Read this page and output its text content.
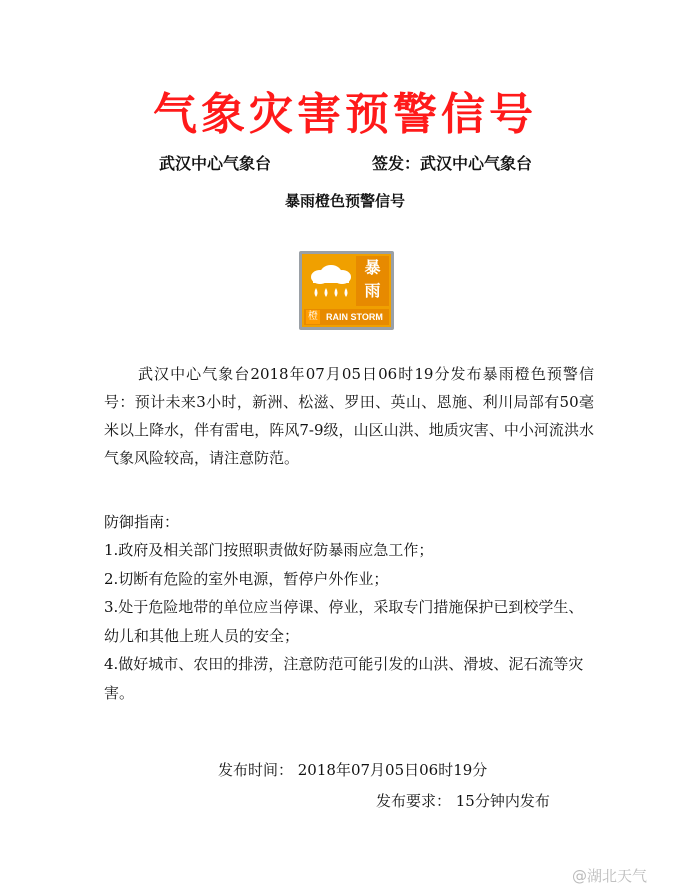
气象灾害预警信号
武汉中心气象台	签发：武汉中心气象台
暴雨橙色预警信号
暴
雨
橙 RAIN STORM
武汉中心气象台2018年07月05日06时19分发布暴雨橙色预警信号：预计未来3小时，新洲、松滋、罗田、英山、恩施、利川局部有50毫米以上降水，伴有雷电，阵风7-9级，山区山洪、地质灾害、中小河流洪水气象风险较高，请注意防范。
防御指南：
1.政府及相关部门按照职责做好防暴雨应急工作；
2.切断有危险的室外电源，暂停户外作业；
3.处于危险地带的单位应当停课、停业，采取专门措施保护已到校学生、幼儿和其他上班人员的安全；
4.做好城市、农田的排涝，注意防范可能引发的山洪、滑坡、泥石流等灾害。
发布时间： 2018年07月05日06时19分
发布要求： 15分钟内发布
@湖北天气
